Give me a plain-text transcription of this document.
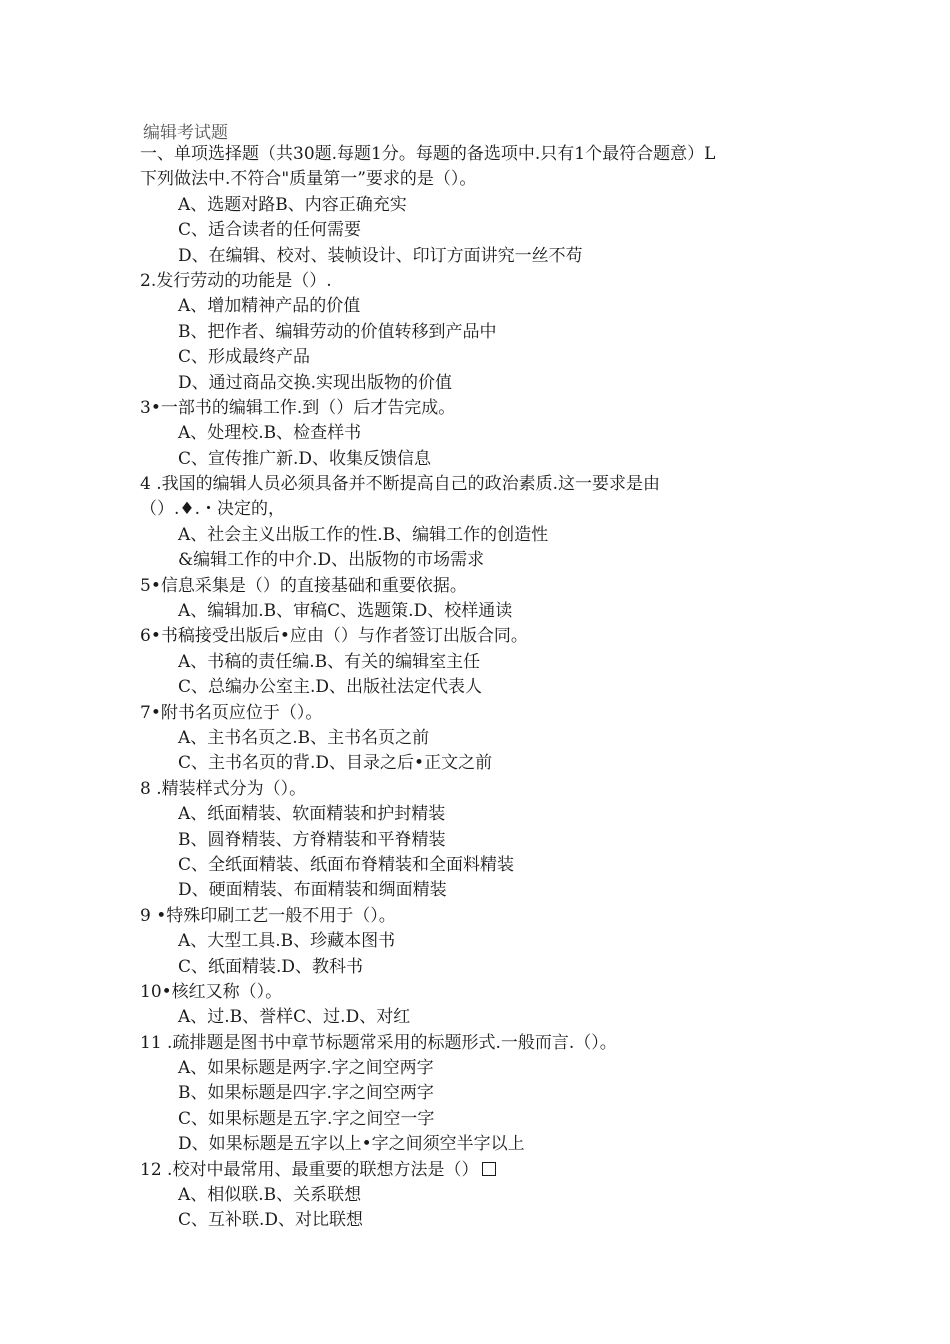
编辑考试题
一、单项选择题（共30题.每题1分。每题的备选项中.只有1个最符合题意）L
下列做法中.不符合"质量第一”要求的是（）。
A、选题对路B、内容正确充实
C、适合读者的任何需要
D、在编辑、校对、装帧设计、印订方面讲究一丝不苟
2.发行劳动的功能是（）.
A、增加精神产品的价值
B、把作者、编辑劳动的价值转移到产品中
C、形成最终产品
D、通过商品交换.实现出版物的价值
3•一部书的编辑工作.到（）后才告完成。
A、处理校.B、检查样书
C、宣传推广新.D、收集反馈信息
4 .我国的编辑人员必须具备并不断提高自己的政治素质.这一要求是由
（）.♦.・决定的，
A、社会主义出版工作的性.B、编辑工作的创造性
&编辑工作的中介.D、出版物的市场需求
5•信息采集是（）的直接基础和重要依据。
A、编辑加.B、审稿C、选题策.D、校样通读
6•书稿接受出版后•应由（）与作者签订出版合同。
A、书稿的责任编.B、有关的编辑室主任
C、总编办公室主.D、出版社法定代表人
7•附书名页应位于（）。
A、主书名页之.B、主书名页之前
C、主书名页的背.D、目录之后•正文之前
8 .精装样式分为（）。
A、纸面精装、软面精装和护封精装
B、圆脊精装、方脊精装和平脊精装
C、全纸面精装、纸面布脊精装和全面料精装
D、硬面精装、布面精装和绸面精装
9 •特殊印刷工艺一般不用于（）。
A、大型工具.B、珍藏本图书
C、纸面精装.D、教科书
10•核红又称（）。
A、过.B、誉样C、过.D、对红
11 .疏排题是图书中章节标题常采用的标题形式.一般而言.（）。
A、如果标题是两字.字之间空两字
B、如果标题是四字.字之间空两字
C、如果标题是五字.字之间空一字
D、如果标题是五字以上•字之间须空半字以上
12 .校对中最常用、最重要的联想方法是（）
A、相似联.B、关系联想
C、互补联.D、对比联想
